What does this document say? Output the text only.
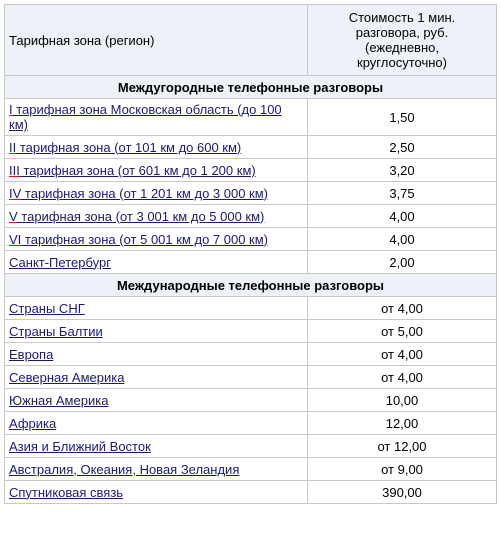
Тарифная зона (регион)	Стоимость 1 мин.
разговора, руб.
(ежедневно,
круглосуточно)

Междугородные телефонные разговоры	
I тарифная зона Московская область (до 100 км)	1,50
II тарифная зона (от 101 км до 600 км)	2,50
III тарифная зона (от 601 км до 1 200 км)	3,20
IV тарифная зона (от 1 201 км до 3 000 км)	3,75
V тарифная зона (от 3 001 км до 5 000 км)	4,00
VI тарифная зона (от 5 001 км до 7 000 км)	4,00
Санкт-Петербург	2,00
Международные телефонные разговоры	
Страны СНГ	от 4,00
Страны Балтии	от 5,00
Европа	от 4,00
Северная Америка	от 4,00
Южная Америка	10,00
Африка	12,00
Азия и Ближний Восток	от 12,00
Австралия, Океания, Новая Зеландия	от 9,00
Спутниковая связь	390,00
